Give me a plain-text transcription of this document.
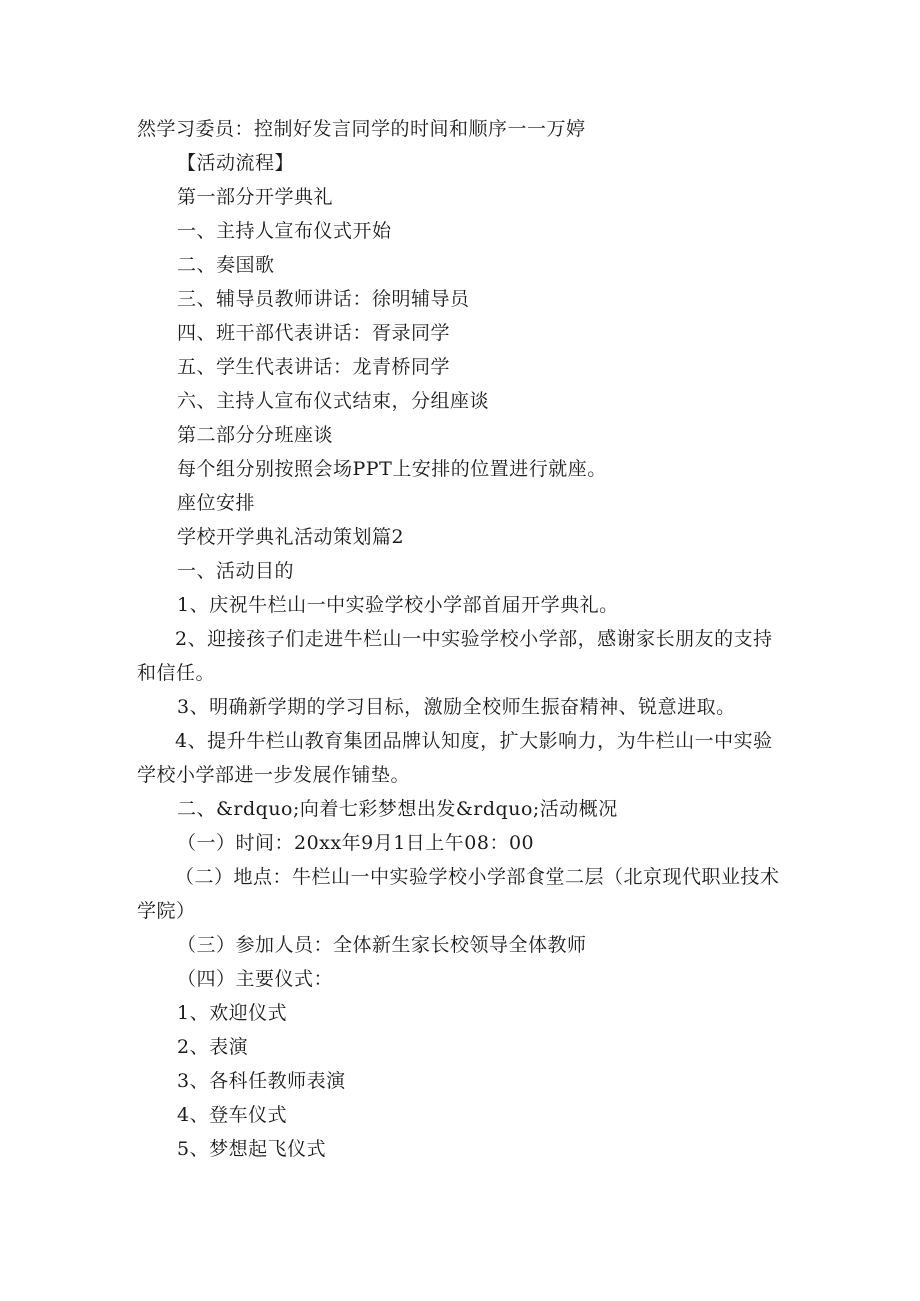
然学习委员：控制好发言同学的时间和顺序一一万婷

【活动流程】

第一部分开学典礼

一、主持人宣布仪式开始

二、奏国歌

三、辅导员教师讲话：徐明辅导员

四、班干部代表讲话：胥录同学

五、学生代表讲话：龙青桥同学

六、主持人宣布仪式结束，分组座谈

第二部分分班座谈

每个组分别按照会场PPT上安排的位置进行就座。

座位安排

学校开学典礼活动策划篇2

一、活动目的

1、庆祝牛栏山一中实验学校小学部首届开学典礼。

2、迎接孩子们走进牛栏山一中实验学校小学部，感谢家长朋友的支持和信任。

3、明确新学期的学习目标，激励全校师生振奋精神、锐意进取。

4、提升牛栏山教育集团品牌认知度，扩大影响力，为牛栏山一中实验学校小学部进一步发展作铺垫。

二、&rdquo;向着七彩梦想出发&rdquo;活动概况

（一）时间：20xx年9月1日上午08：00

（二）地点：牛栏山一中实验学校小学部食堂二层（北京现代职业技术学院）

（三）参加人员：全体新生家长校领导全体教师

（四）主要仪式：

1、欢迎仪式

2、表演

3、各科任教师表演

4、登车仪式

5、梦想起飞仪式
